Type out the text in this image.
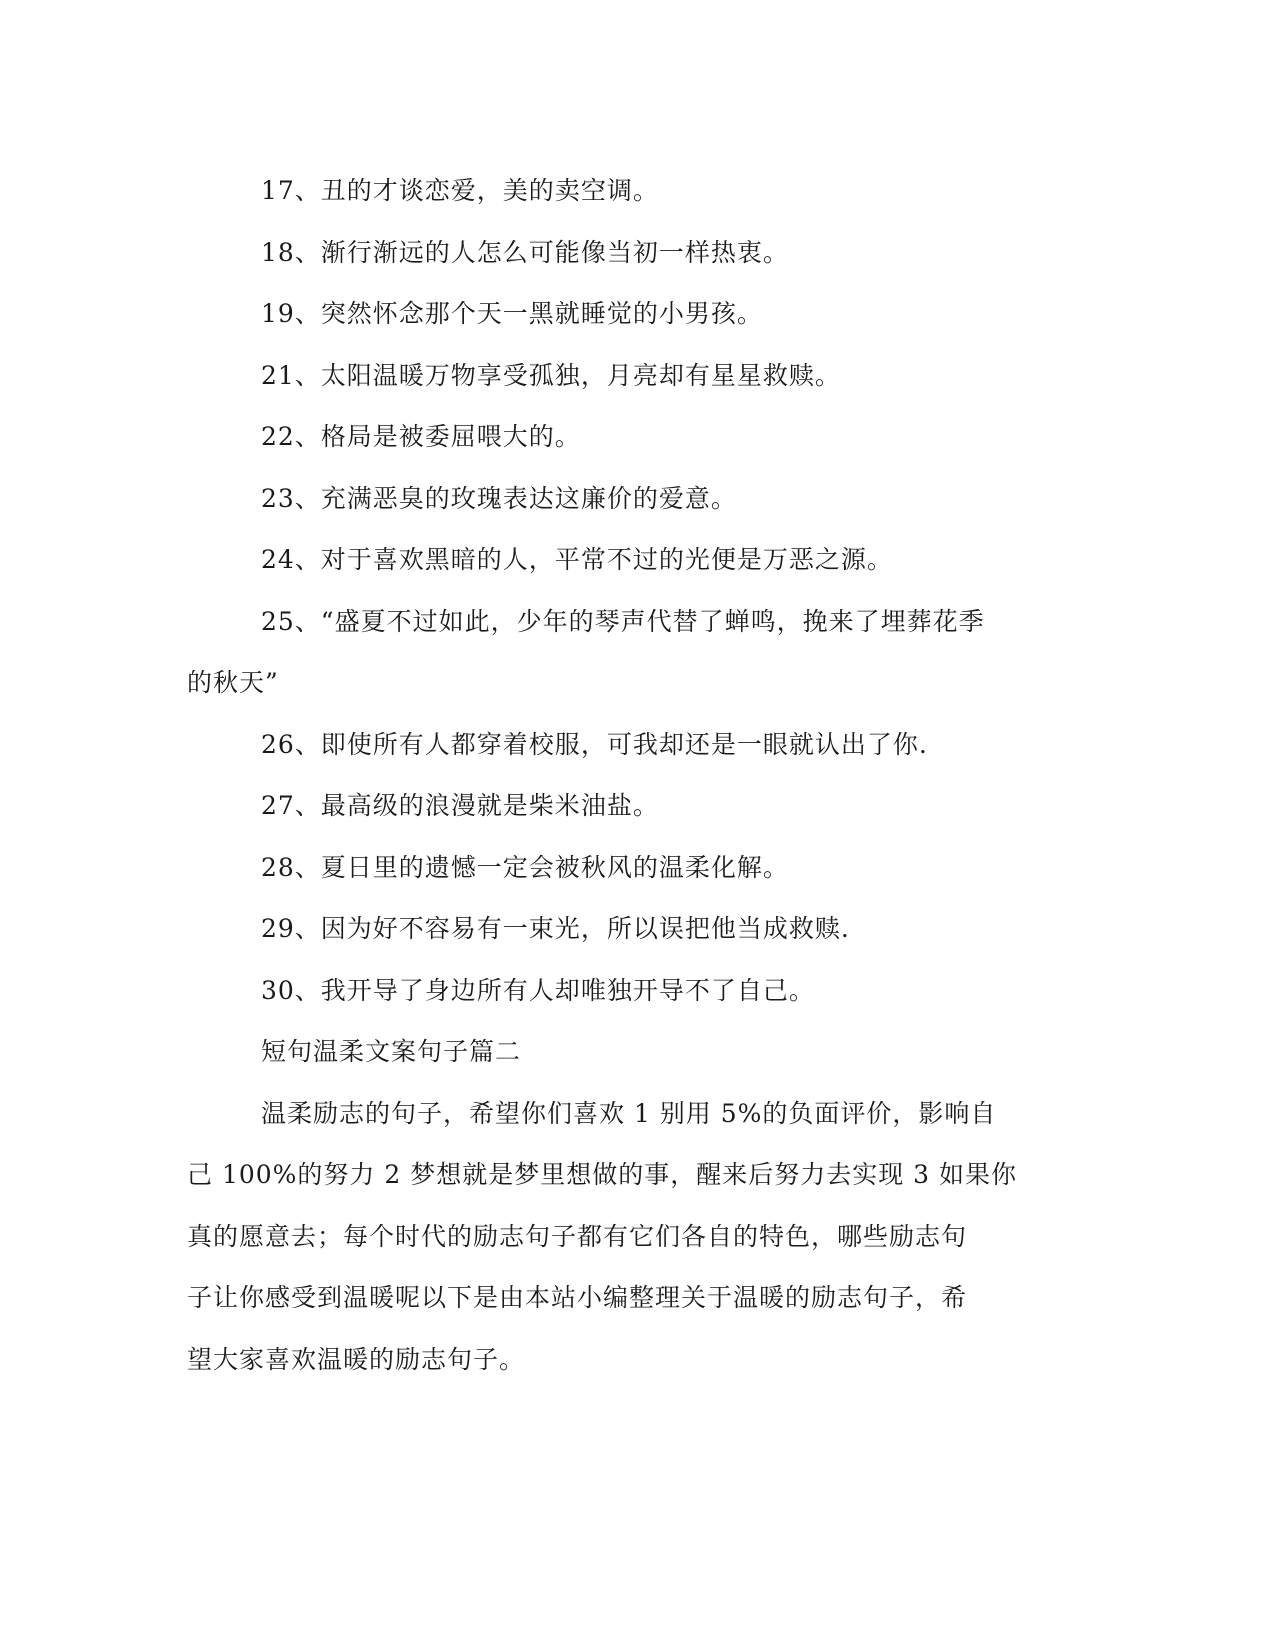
17、丑的才谈恋爱，美的卖空调。
18、渐行渐远的人怎么可能像当初一样热衷。
19、突然怀念那个天一黑就睡觉的小男孩。
21、太阳温暖万物享受孤独，月亮却有星星救赎。
22、格局是被委屈喂大的。
23、充满恶臭的玫瑰表达这廉价的爱意。
24、对于喜欢黑暗的人，平常不过的光便是万恶之源。
25、“盛夏不过如此，少年的琴声代替了蝉鸣，挽来了埋葬花季
的秋天”
26、即使所有人都穿着校服，可我却还是一眼就认出了你.
27、最高级的浪漫就是柴米油盐。
28、夏日里的遗憾一定会被秋风的温柔化解。
29、因为好不容易有一束光，所以误把他当成救赎.
30、我开导了身边所有人却唯独开导不了自己。
短句温柔文案句子篇二
温柔励志的句子，希望你们喜欢 1 别用 5%的负面评价，影响自
己 100%的努力 2 梦想就是梦里想做的事，醒来后努力去实现 3 如果你
真的愿意去；每个时代的励志句子都有它们各自的特色，哪些励志句
子让你感受到温暖呢以下是由本站小编整理关于温暖的励志句子，希
望大家喜欢温暖的励志句子。
